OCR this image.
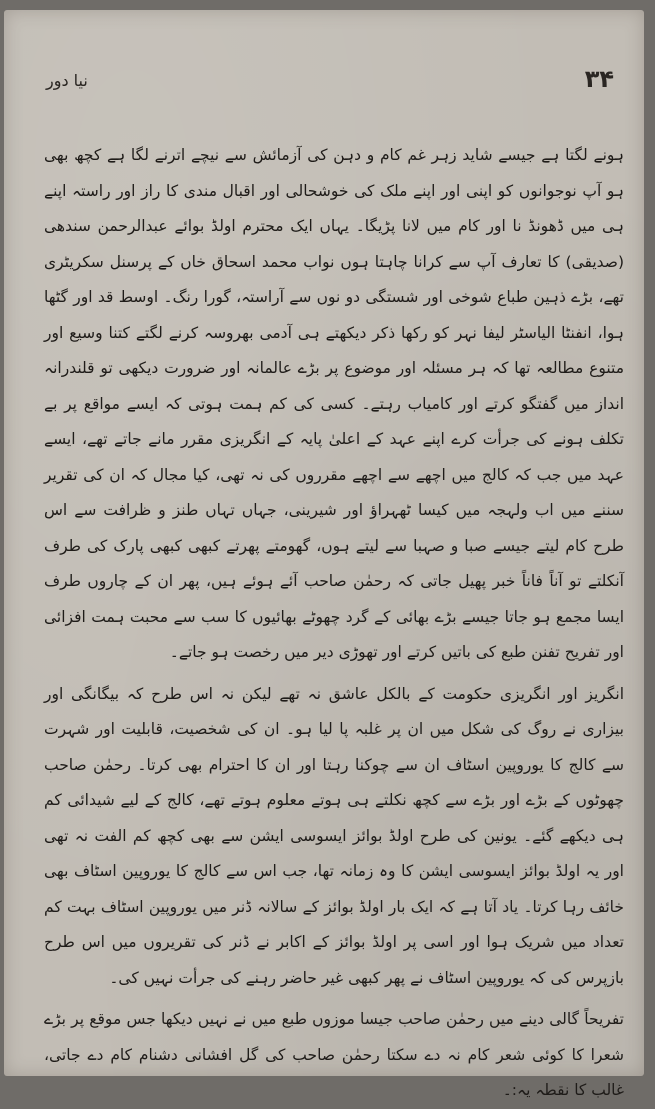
۳۴
نیا دور

ہونے لگتا ہے جیسے شاید زہر غم کام و دہن کی آزمائش سے نیچے اترنے لگا ہے کچھ بھی ہو آپ نوجوانوں کو اپنی اور اپنے ملک کی خوشحالی اور اقبال مندی کا راز اور راستہ اپنے ہی میں ڈھونڈ نا اور کام میں لانا پڑیگا۔ یہاں ایک محترم اولڈ بوائے عبدالرحمن سندھی (صدیقی) کا تعارف آپ سے کرانا چاہتا ہوں نواب محمد اسحاق خاں کے پرسنل سکریٹری تھے، بڑے ذہین طباع شوخی اور شستگی دو نوں سے آراستہ، گورا رنگ۔ اوسط قد اور گٹھا ہوا، انفنٹا الیاسٹر لیفا نہر کو رکھا ذکر دیکھتے ہی آدمی بھروسہ کرنے لگتے کتنا وسیع اور متنوع مطالعہ تھا کہ ہر مسئلہ اور موضوع پر بڑے عالمانہ اور ضرورت دیکھی تو قلندرانہ انداز میں گفتگو کرتے اور کامیاب رہتے۔ کسی کی کم ہمت ہوتی کہ ایسے مواقع پر بے تکلف ہونے کی جرأت کرے اپنے عہد کے اعلیٰ پایہ کے انگریزی مقرر مانے جاتے تھے، ایسے عہد میں جب کہ کالج میں اچھے سے اچھے مقرروں کی نہ تھی، کیا مجال کہ ان کی تقریر سننے میں اب ولہجہ میں کیسا ٹھہراؤ اور شیرینی، جہاں تہاں طنز و ظرافت سے اس طرح کام لیتے جیسے صبا و صہبا سے لیتے ہوں، گھومتے پھرتے کبھی کبھی پارک کی طرف آنکلتے تو آناً فاناً خبر پھیل جاتی کہ رحمٰن صاحب آئے ہوئے ہیں، پھر ان کے چاروں طرف ایسا مجمع ہو جاتا جیسے بڑے بھائی کے گرد چھوٹے بھائیوں کا سب سے محبت ہمت افزائی اور تفریح تفنن طبع کی باتیں کرتے اور تھوڑی دیر میں رخصت ہو جاتے۔

انگریز اور انگریزی حکومت کے بالکل عاشق نہ تھے لیکن نہ اس طرح کہ بیگانگی اور بیزاری نے روگ کی شکل میں ان پر غلبہ پا لیا ہو۔ ان کی شخصیت، قابلیت اور شہرت سے کالج کا یوروپین اسٹاف ان سے چوکنا رہتا اور ان کا احترام بھی کرتا۔ رحمٰن صاحب چھوٹوں کے بڑے اور بڑے سے کچھ نکلتے ہی ہوتے معلوم ہوتے تھے، کالج کے لیے شیدائی کم ہی دیکھے گئے۔ یونین کی طرح اولڈ بوائز ایسوسی ایشن سے بھی کچھ کم الفت نہ تھی اور یہ اولڈ بوائز ایسوسی ایشن کا وہ زمانہ تھا، جب اس سے کالج کا یوروپین اسٹاف بھی خائف رہا کرتا۔ یاد آتا ہے کہ ایک بار اولڈ بوائز کے سالانہ ڈنر میں یوروپین اسٹاف بہت کم تعداد میں شریک ہوا اور اسی پر اولڈ بوائز کے اکابر نے ڈنر کی تقریروں میں اس طرح بازپرس کی کہ یوروپین اسٹاف نے پھر کبھی غیر حاضر رہنے کی جرأت نہیں کی۔

تفریحاً گالی دینے میں رحمٰن صاحب جیسا موزوں طبع میں نے نہیں دیکھا جس موقع پر بڑے شعرا کا کوئی شعر کام نہ دے سکتا رحمٰن صاحب کی گل افشانی دشنام کام دے جاتی، غالب کا نقطہ یہ:۔
